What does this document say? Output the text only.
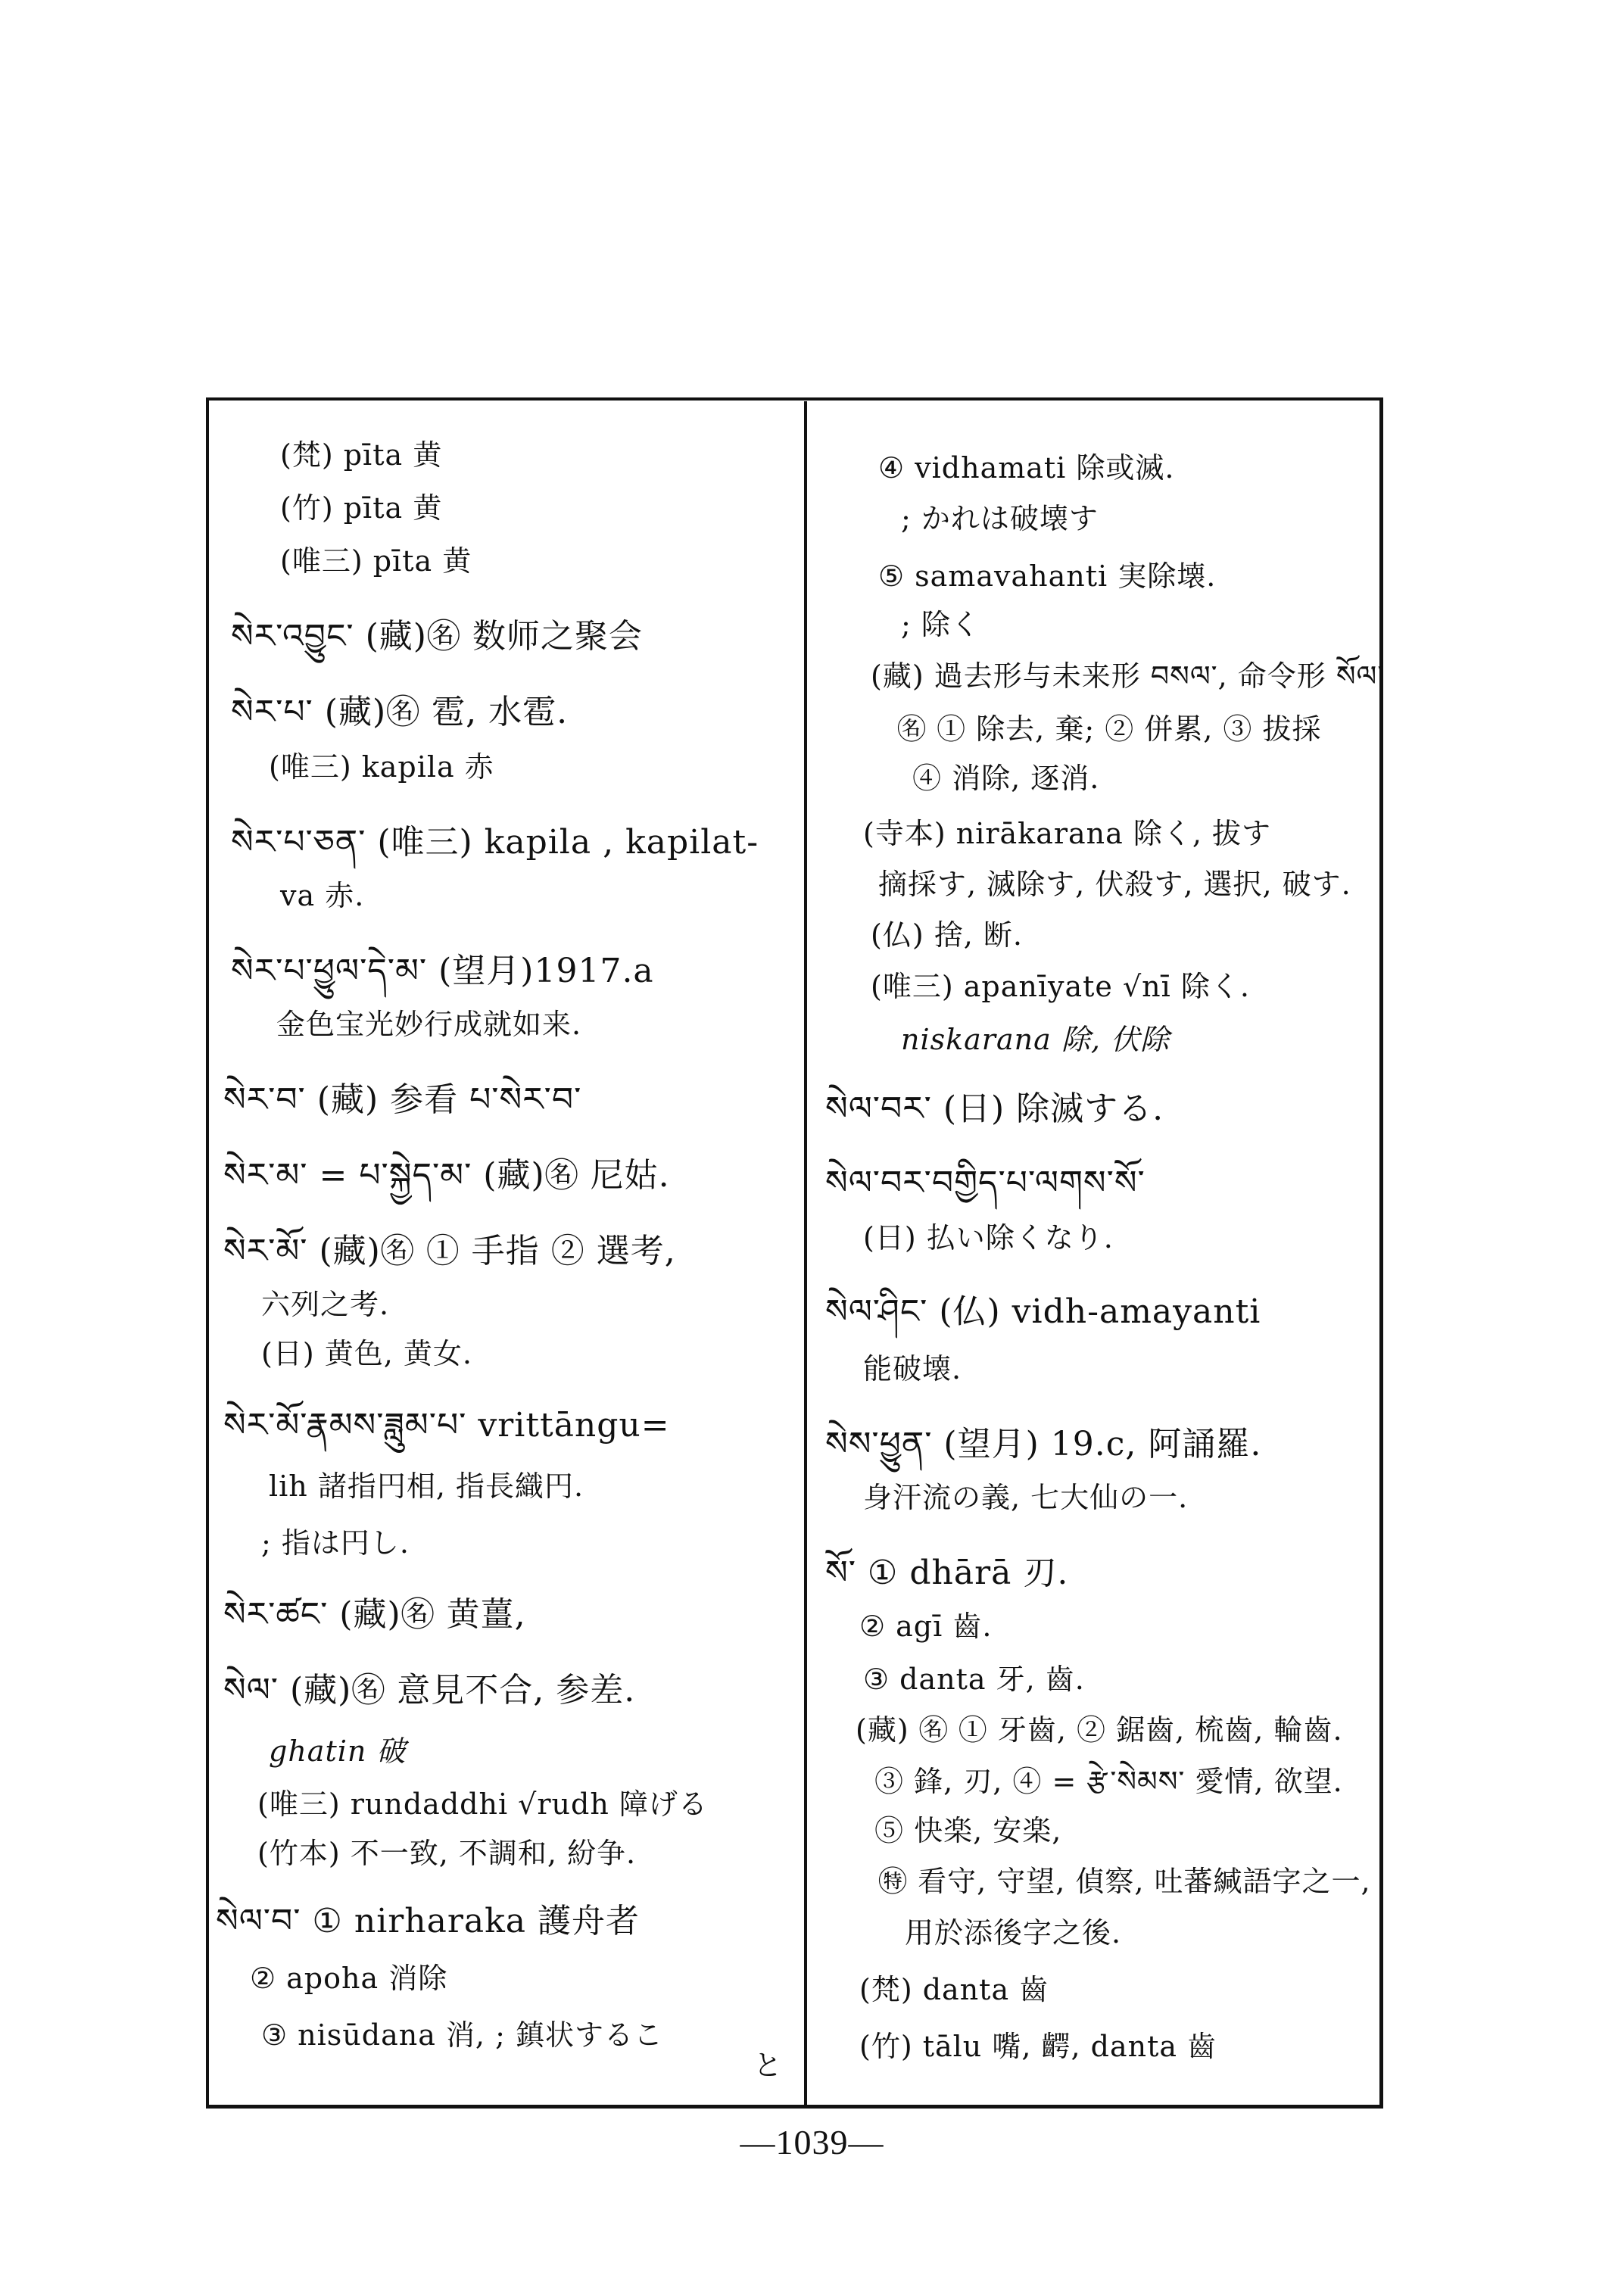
(梵) pīta 黄
(竹) pīta 黄
(唯三) pīta 黄
སེར་འབྱུང་ (藏)㊔ 数师之聚会
སེར་པ་ (藏)㊔ 雹, 水雹.
(唯三) kapila 赤
སེར་པ་ཅན་ (唯三) kapila , kapilat-
va 赤.
སེར་པ་ཕྱུལ་དེ་མ་ (望月)1917.a
金色宝光妙行成就如来.
སེར་བ་ (藏) 参看 པ་སེར་བ་
སེར་མ་ = པ་སྐྱེད་མ་ (藏)㊔ 尼姑.
སེར་མོ་ (藏)㊔ ① 手指 ② 選考,
六列之考.
(日) 黄色, 黄女.
སེར་མོ་རྣམས་ཟླུམ་པ་ vrittāngu=
lih 諸指円相, 指長織円.
; 指は円し.
སེར་ཚང་ (藏)㊔ 黄薑,
སེལ་ (藏)㊔ 意見不合, 参差.
ghatin 破
(唯三) rundaddhi √rudh 障げる
(竹本) 不一致, 不調和, 紛争.
སེལ་བ་ ① nirharaka 護舟者
② apoha 消除
③ nisūdana 消, ; 鎮状するこ
と
④ vidhamati 除或滅.
; かれは破壊す
⑤ samavahanti 実除壊.
; 除く
(藏) 過去形与未来形 བསལ་, 命令形 སོལ་
㊔ ① 除去, 棄; ② 併累, ③ 拔採
④ 消除, 逐消.
(寺本) nirākarana 除く, 拔す
摘採す, 滅除す, 伏殺す, 選択, 破す.
(仏) 捨, 断.
(唯三) apanīyate √nī 除く.
niskarana 除, 伏除
སེལ་བར་ (日) 除滅する.
སེལ་བར་བགྱིད་པ་ལགས་སོ་
(日) 払い除くなり.
སེལ་ཤིང་ (仏) vidh-amayanti
能破壊.
སེས་ཕྱུན་ (望月) 19.c, 阿誦羅.
身汗流の義, 七大仙の一.
སོ་ ① dhārā 刃.
② agī 齒.
③ danta 牙, 齒.
(藏) ㊔ ① 牙齒, ② 鋸齒, 梳齒, 輪齒.
③ 鋒, 刃, ④ = རྩེ་སེམས་ 愛情, 欲望.
⑤ 快楽, 安楽,
㊕ 看守, 守望, 偵察, 吐蕃緘語字之一,
用於添後字之後.
(梵) danta 齒
(竹) tālu 嘴, 齶, danta 齒
—1039—
